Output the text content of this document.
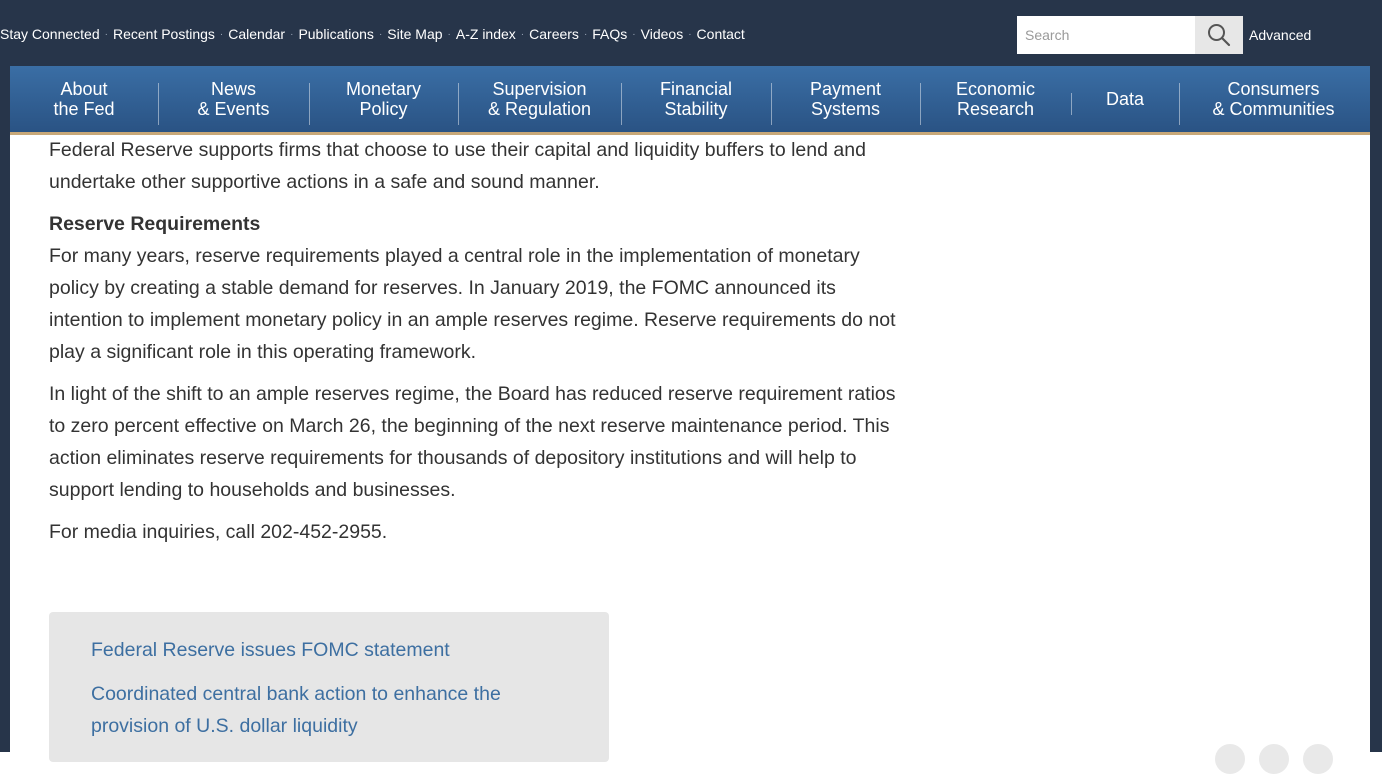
Stay Connected · Recent Postings · Calendar · Publications · Site Map · A-Z index · Careers · FAQs · Videos · Contact
Search	Advanced
About
the Fed
News
& Events
Monetary
Policy
Supervision
& Regulation
Financial
Stability
Payment
Systems
Economic
Research	Data	Consumers
& Communities

Federal Reserve supports firms that choose to use their capital and liquidity buffers to lend and undertake other supportive actions in a safe and sound manner.

Reserve Requirements

For many years, reserve requirements played a central role in the implementation of monetary policy by creating a stable demand for reserves. In January 2019, the FOMC announced its intention to implement monetary policy in an ample reserves regime. Reserve requirements do not play a significant role in this operating framework.

In light of the shift to an ample reserves regime, the Board has reduced reserve requirement ratios to zero percent effective on March 26, the beginning of the next reserve maintenance period. This action eliminates reserve requirements for thousands of depository institutions and will help to support lending to households and businesses.

For media inquiries, call 202-452-2955.

Federal Reserve issues FOMC statement
Coordinated central bank action to enhance the provision of U.S. dollar liquidity
